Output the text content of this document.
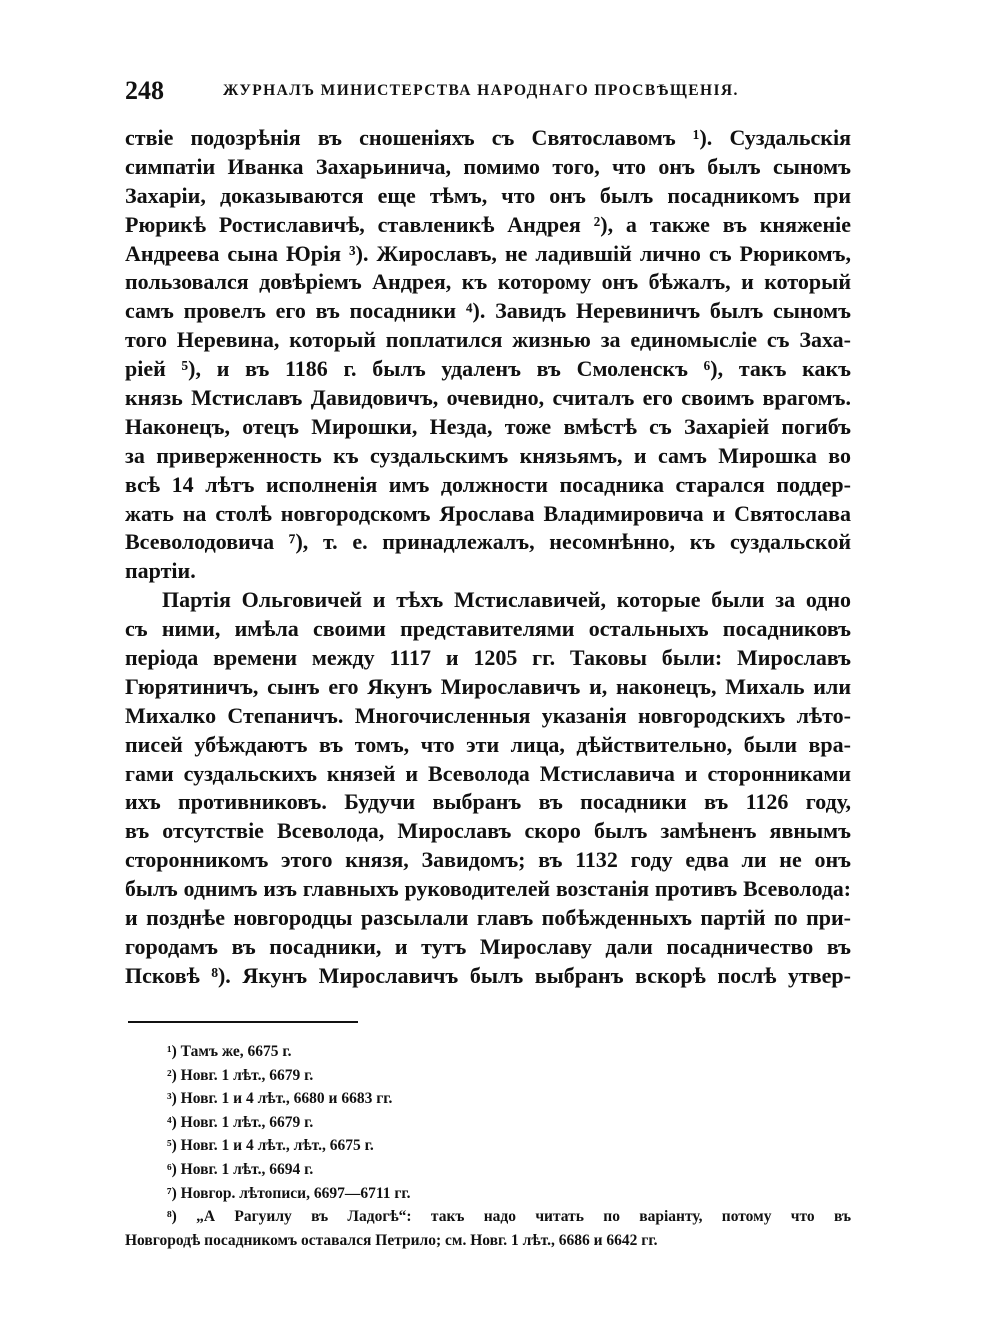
248	ЖУРНАЛЪ МИНИСТЕРСТВА НАРОДНАГО ПРОСВѢЩЕНІЯ.
ствіе подозрѣнія въ сношеніяхъ съ Святославомъ ¹). Суздальскія
симпатіи Иванка Захарьинича, помимо того, что онъ былъ сыномъ
Захаріи, доказываются еще тѣмъ, что онъ былъ посадникомъ при
Рюрикѣ Ростиславичѣ, ставленикѣ Андрея ²), а также въ княженіе
Андреева сына Юрія ³). Жирославъ, не ладившій лично съ Рюрикомъ,
пользовался довѣріемъ Андрея, къ которому онъ бѣжалъ, и который
самъ провелъ его въ посадники ⁴). Завидъ Неревиничъ былъ сыномъ
того Неревина, который поплатился жизнью за единомысліе съ Заха-
ріей ⁵), и въ 1186 г. былъ удаленъ въ Смоленскъ ⁶), такъ какъ
князь Мстиславъ Давидовичъ, очевидно, считалъ его своимъ врагомъ.
Наконецъ, отецъ Мирошки, Незда, тоже вмѣстѣ съ Захаріей погибъ
за приверженность къ суздальскимъ князьямъ, и самъ Мирошка во
всѣ 14 лѣтъ исполненія имъ должности посадника старался поддер-
жать на столѣ новгородскомъ Ярослава Владимировича и Святослава
Всеволодовича ⁷), т. е. принадлежалъ, несомнѣнно, къ суздальской
партіи.
Партія Ольговичей и тѣхъ Мстиславичей, которые были за одно
съ ними, имѣла своими представителями остальныхъ посадниковъ
періода времени между 1117 и 1205 гг. Таковы были: Мирославъ
Гюрятиничъ, сынъ его Якунъ Мирославичъ и, наконецъ, Михаль или
Михалко Степаничъ. Многочисленныя указанія новгородскихъ лѣто-
писей убѣждаютъ въ томъ, что эти лица, дѣйствительно, были вра-
гами суздальскихъ князей и Всеволода Мстиславича и сторонниками
ихъ противниковъ. Будучи выбранъ въ посадники въ 1126 году,
въ отсутствіе Всеволода, Мирославъ скоро былъ замѣненъ явнымъ
сторонникомъ этого князя, Завидомъ; въ 1132 году едва ли не онъ
былъ однимъ изъ главныхъ руководителей возстанія противъ Всеволода:
и позднѣе новгородцы разсылали главъ побѣжденныхъ партій по при-
городамъ въ посадники, и тутъ Мирославу дали посадничество въ
Псковѣ ⁸). Якунъ Мирославичъ былъ выбранъ вскорѣ послѣ утвер-
¹) Тамъ же, 6675 г.
²) Новг. 1 лѣт., 6679 г.
³) Новг. 1 и 4 лѣт., 6680 и 6683 гг.
⁴) Новг. 1 лѣт., 6679 г.
⁵) Новг. 1 и 4 лѣт., лѣт., 6675 г.
⁶) Новг. 1 лѣт., 6694 г.
⁷) Новгор. лѣтописи, 6697—6711 гг.
⁸) „А Рагуилу въ Ладогѣ“: такъ надо читать по варіанту, потому что въ
Новгородѣ посадникомъ оставался Петрило; см. Новг. 1 лѣт., 6686 и 6642 гг.
